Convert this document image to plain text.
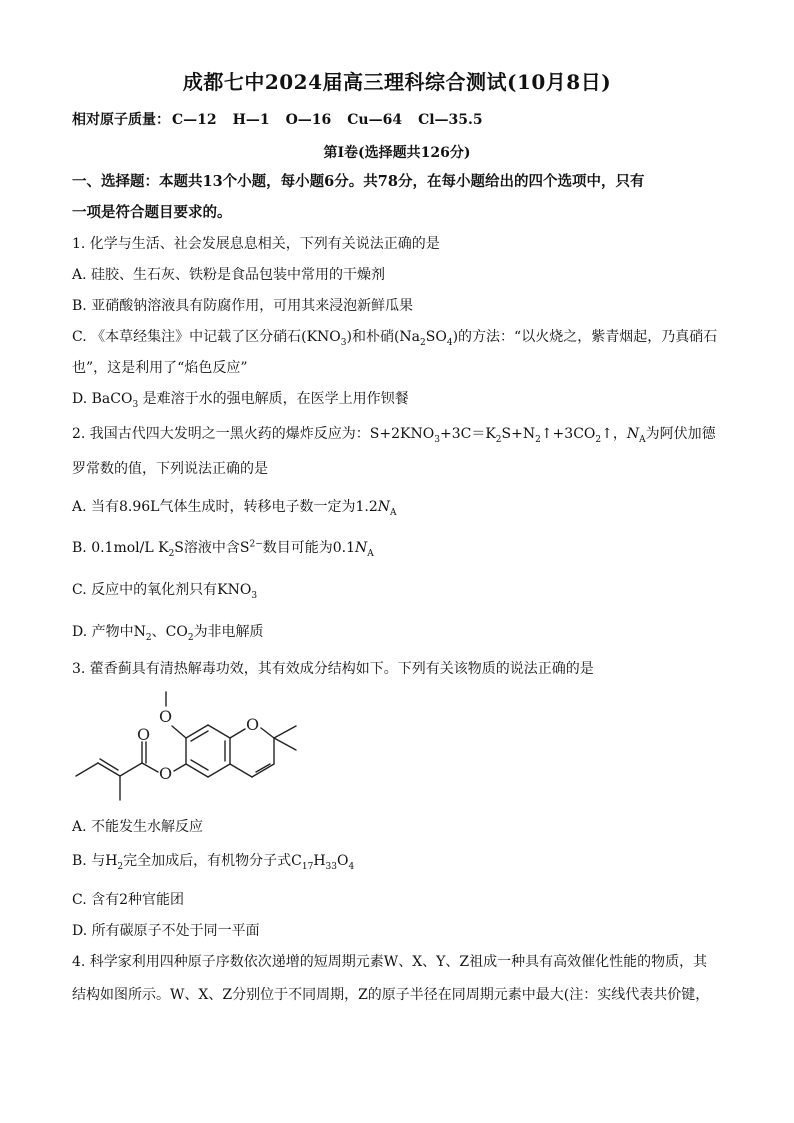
成都七中2024届高三理科综合测试(10月8日)
相对原子质量： C—12 H—1 O—16 Cu—64 Cl—35.5
第Ⅰ卷(选择题共126分)
一、选择题：本题共13个小题，每小题6分。共78分，在每小题给出的四个选项中，只有
一项是符合题目要求的。
1. 化学与生活、社会发展息息相关，下列有关说法正确的是
A. 硅胶、生石灰、铁粉是食品包装中常用的干燥剂
B. 亚硝酸钠溶液具有防腐作用，可用其来浸泡新鲜瓜果
C. 《本草经集注》中记载了区分硝石$(KNO_3)$和朴硝$(Na_2SO_4)$的方法：“以火烧之，紫青烟起，乃真硝石
也”，这是利用了“焰色反应”
D. BaCO$_3$ 是难溶于水的强电解质，在医学上用作钡餐
2. 我国古代四大发明之一黑火药的爆炸反应为：$S+2KNO_3+3C=K_2S+N_2↑+3CO_2↑$，$N_A$为阿伏加德
罗常数的值，下列说法正确的是
A. 当有8.96L气体生成时，转移电子数一定为$1.2N_A$
B. 0.1mol/L $K_2S$溶液中含$S^{2-}$数目可能为$0.1N_A$
C. 反应中的氧化剂只有$KNO_3$
D. 产物中$N_2$、$CO_2$为非电解质
3. 藿香蓟具有清热解毒功效，其有效成分结构如下。下列有关该物质的说法正确的是
O	O
O
O
A. 不能发生水解反应
B. 与$H_2$完全加成后，有机物分子式$C_{17}H_{33}O_4$
C. 含有2种官能团
D. 所有碳原子不处于同一平面
4. 科学家利用四种原子序数依次递增的短周期元素W、X、Y、Z祖成一种具有高效催化性能的物质，其
结构如图所示。W、X、Z分别位于不同周期，Z的原子半径在同周期元素中最大(注：实线代表共价键，
